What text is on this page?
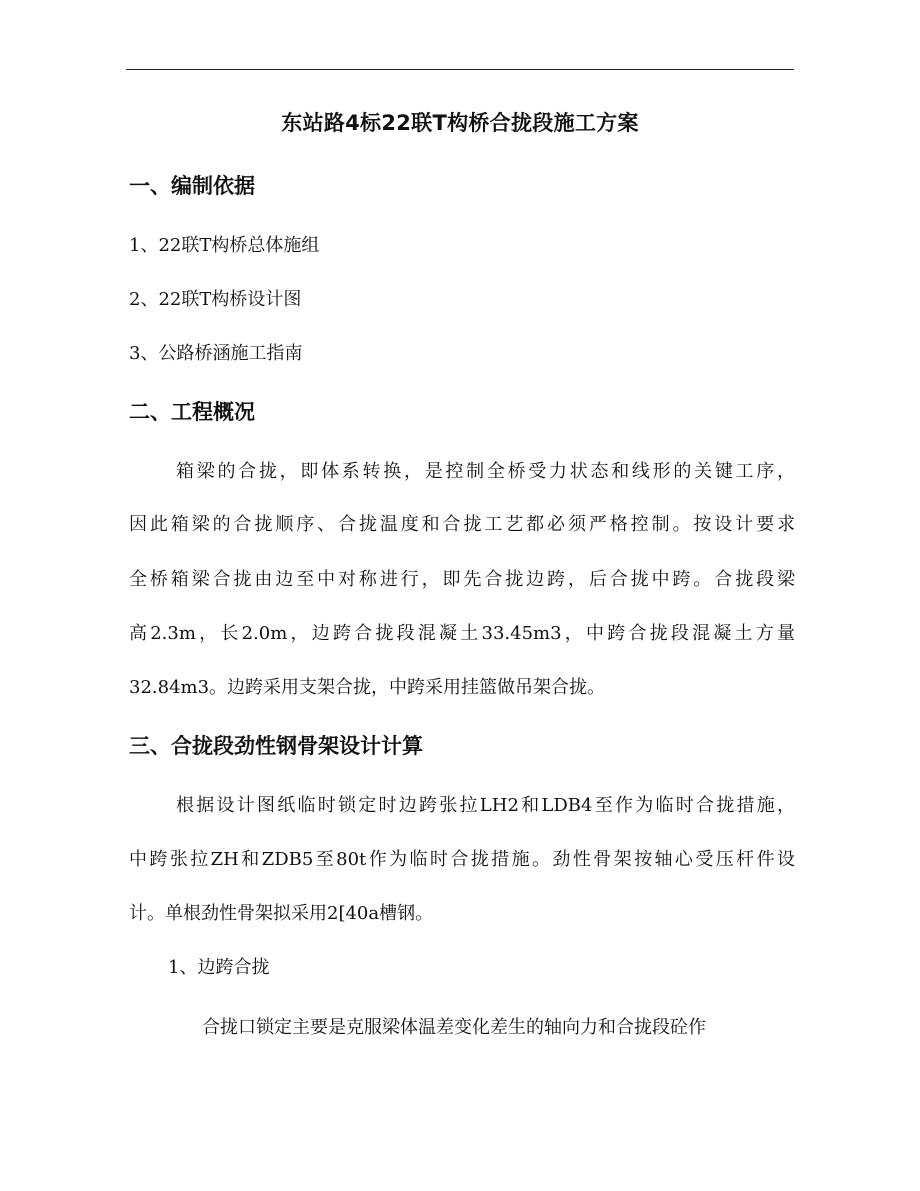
东站路4标22联T构桥合拢段施工方案
一、编制依据
1、22联T构桥总体施组
2、22联T构桥设计图
3、公路桥涵施工指南
二、工程概况
箱梁的合拢，即体系转换，是控制全桥受力状态和线形的关键工序，
因此箱梁的合拢顺序、合拢温度和合拢工艺都必须严格控制。按设计要求
全桥箱梁合拢由边至中对称进行，即先合拢边跨，后合拢中跨。合拢段梁
高2.3m，长2.0m，边跨合拢段混凝土33.45m3，中跨合拢段混凝土方量
32.84m3。边跨采用支架合拢，中跨采用挂篮做吊架合拢。
三、合拢段劲性钢骨架设计计算
根据设计图纸临时锁定时边跨张拉LH2和LDB4至作为临时合拢措施，
中跨张拉ZH和ZDB5至80t作为临时合拢措施。劲性骨架按轴心受压杆件设
计。单根劲性骨架拟采用2[40a槽钢。
1、边跨合拢
合拢口锁定主要是克服梁体温差变化差生的轴向力和合拢段砼作
